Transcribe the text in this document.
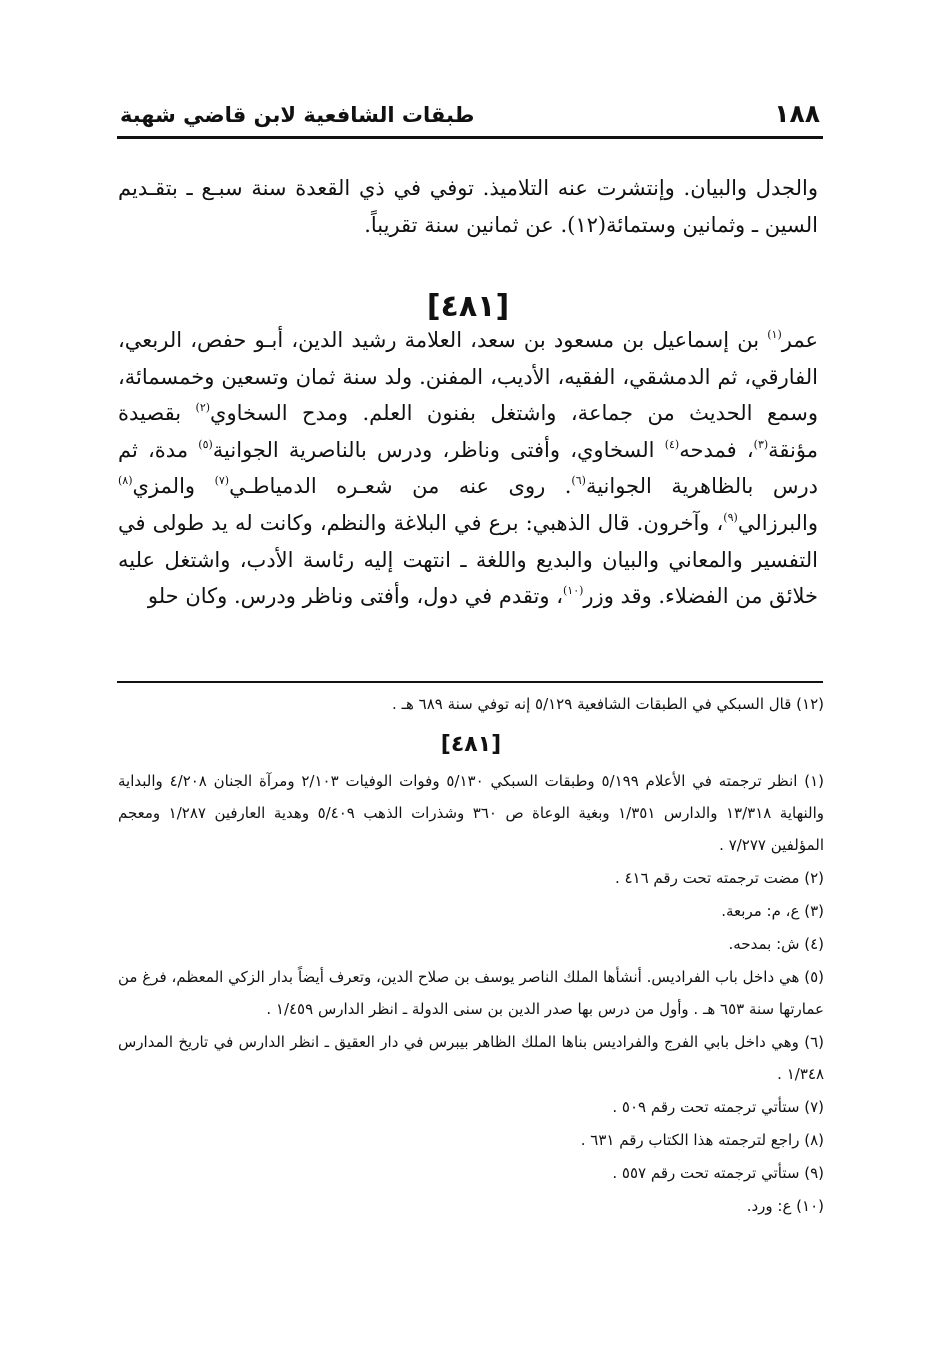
١٨٨
طبقات الشافعية لابن قاضي شهبة

والجدل والبيان. وإنتشرت عنه التلاميذ. توفي في ذي القعدة سنة سبـع ـ بتقـديم السين ـ وثمانين وستمائة(١٢). عن ثمانين سنة تقريباً.

[٤٨١]

عمر$^{(١)}$ بن إسماعيل بن مسعود بن سعد، العلامة رشيد الدين، أبـو حفص، الربعي، الفارقي، ثم الدمشقي، الفقيه، الأديب، المفنن. ولد سنة ثمان وتسعين وخمسمائة، وسمع الحديث من جماعة، واشتغل بفنون العلم. ومدح السخاوي$^{(٢)}$ بقصيدة مؤنقة$^{(٣)}$، فمدحه$^{(٤)}$ السخاوي، وأفتى وناظر، ودرس بالناصرية الجوانية$^{(٥)}$ مدة، ثم درس بالظاهرية الجوانية$^{(٦)}$. روى عنه من شعـره الدمياطـي$^{(٧)}$ والمزي$^{(٨)}$ والبرزالي$^{(٩)}$، وآخرون. قال الذهبي: برع في البلاغة والنظم، وكانت له يد طولى في التفسير والمعاني والبيان والبديع واللغة ـ انتهت إليه رئاسة الأدب، واشتغل عليه خلائق من الفضلاء. وقد وزر$^{(١٠)}$، وتقدم في دول، وأفتى وناظر ودرس. وكان حلو

(١٢) قال السبكي في الطبقات الشافعية ٥/١٢٩ إنه توفي سنة ٦٨٩ هـ .

[٤٨١]

(١) انظر ترجمته في الأعلام ٥/١٩٩ وطبقات السبكي ٥/١٣٠ وفوات الوفيات ٢/١٠٣ ومرآة الجنان ٤/٢٠٨ والبداية والنهاية ١٣/٣١٨ والدارس ١/٣٥١ وبغية الوعاة ص ٣٦٠ وشذرات الذهب ٥/٤٠٩ وهدية العارفين ١/٢٨٧ ومعجم المؤلفين ٧/٢٧٧ .

(٢) مضت ترجمته تحت رقم ٤١٦ .

(٣) ع، م: مربعة.

(٤) ش: بمدحه.

(٥) هي داخل باب الفراديس. أنشأها الملك الناصر يوسف بن صلاح الدين، وتعرف أيضاً بدار الزكي المعظم، فرغ من عمارتها سنة ٦٥٣ هـ . وأول من درس بها صدر الدين بن سنى الدولة ـ انظر الدارس ١/٤٥٩ .

(٦) وهي داخل بابي الفرج والفراديس بناها الملك الظاهر بيبرس في دار العقيق ـ انظر الدارس في تاريخ المدارس ١/٣٤٨ .

(٧) ستأتي ترجمته تحت رقم ٥٠٩ .

(٨) راجع لترجمته هذا الكتاب رقم ٦٣١ .

(٩) ستأتي ترجمته تحت رقم ٥٥٧ .

(١٠) ع: ورد.
